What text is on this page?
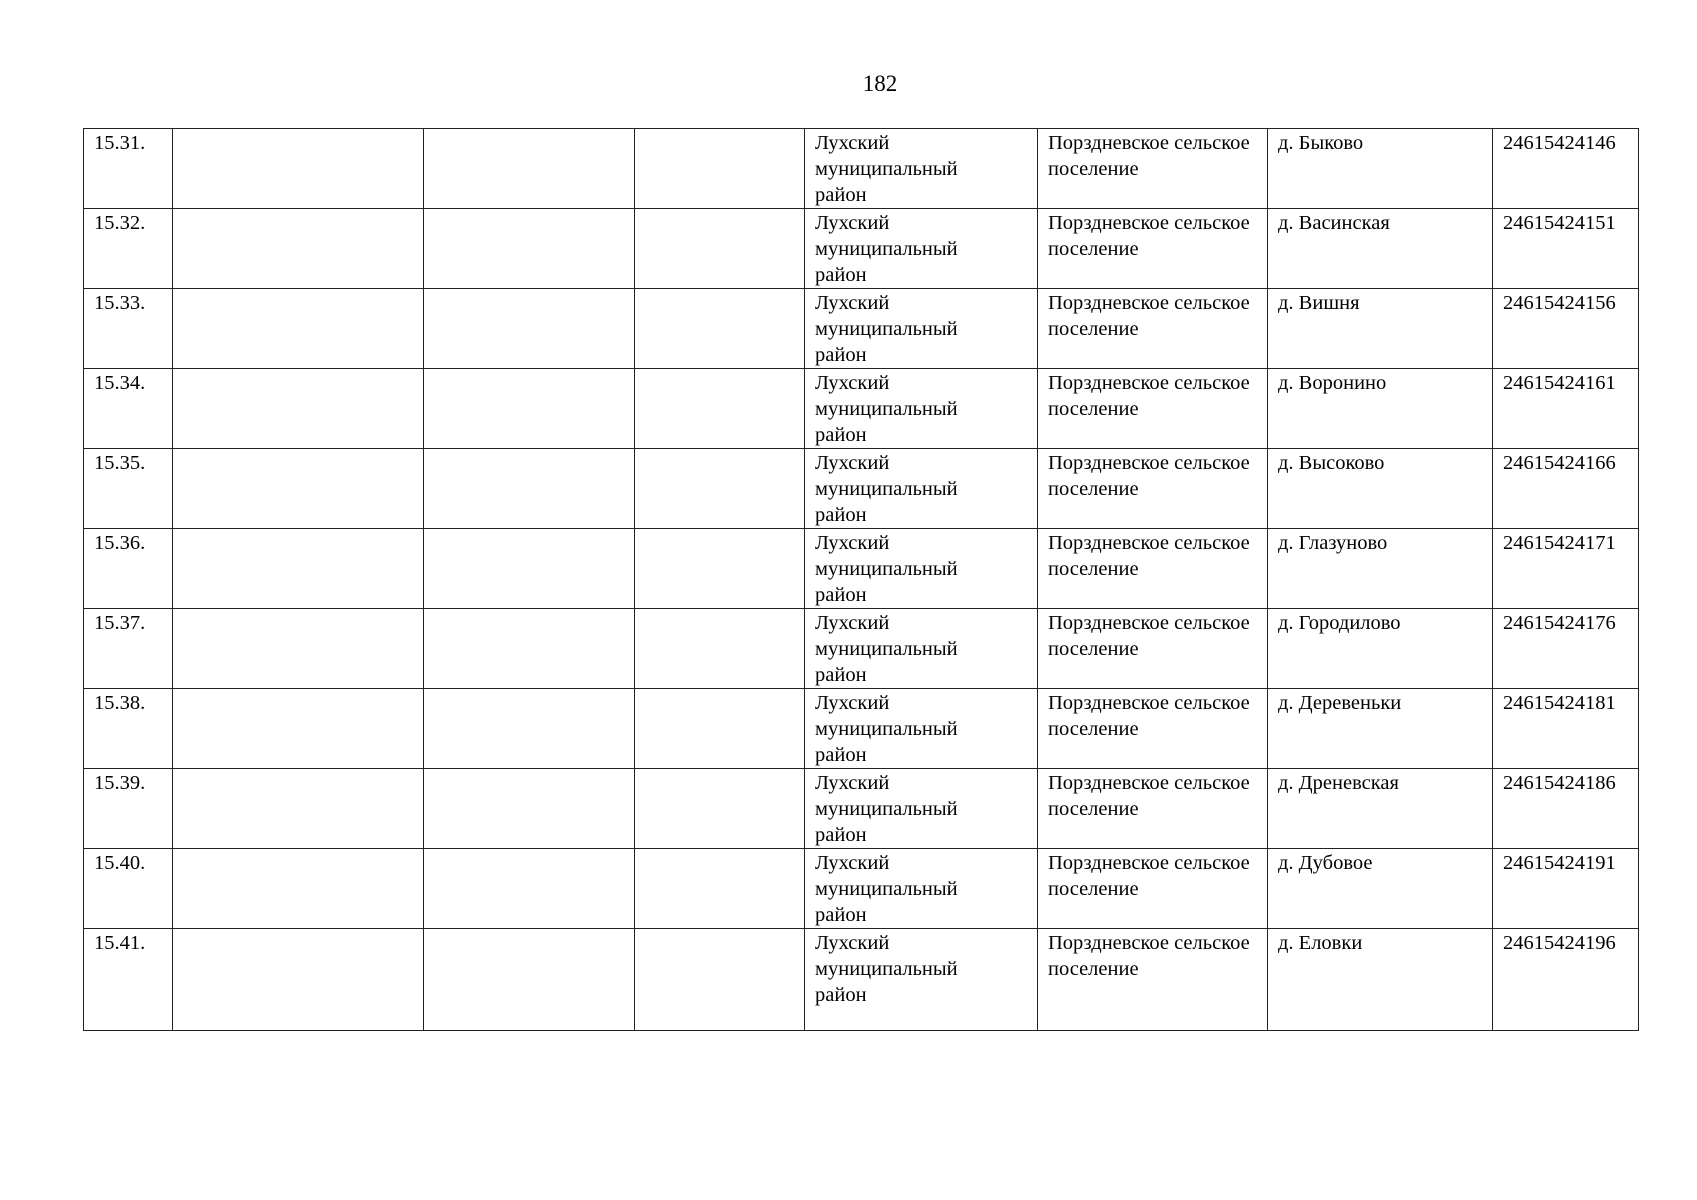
182
15.31.				Лухский муниципальный район	Порздневское сельское поселение	д. Быково	24615424146
15.32.				Лухский муниципальный район	Порздневское сельское поселение	д. Васинская	24615424151
15.33.				Лухский муниципальный район	Порздневское сельское поселение	д. Вишня	24615424156
15.34.				Лухский муниципальный район	Порздневское сельское поселение	д. Воронино	24615424161
15.35.				Лухский муниципальный район	Порздневское сельское поселение	д. Высоково	24615424166
15.36.				Лухский муниципальный район	Порздневское сельское поселение	д. Глазуново	24615424171
15.37.				Лухский муниципальный район	Порздневское сельское поселение	д. Городилово	24615424176
15.38.				Лухский муниципальный район	Порздневское сельское поселение	д. Деревеньки	24615424181
15.39.				Лухский муниципальный район	Порздневское сельское поселение	д. Дреневская	24615424186
15.40.				Лухский муниципальный район	Порздневское сельское поселение	д. Дубовое	24615424191
15.41.				Лухский муниципальный район	Порздневское сельское поселение	д. Еловки	24615424196
